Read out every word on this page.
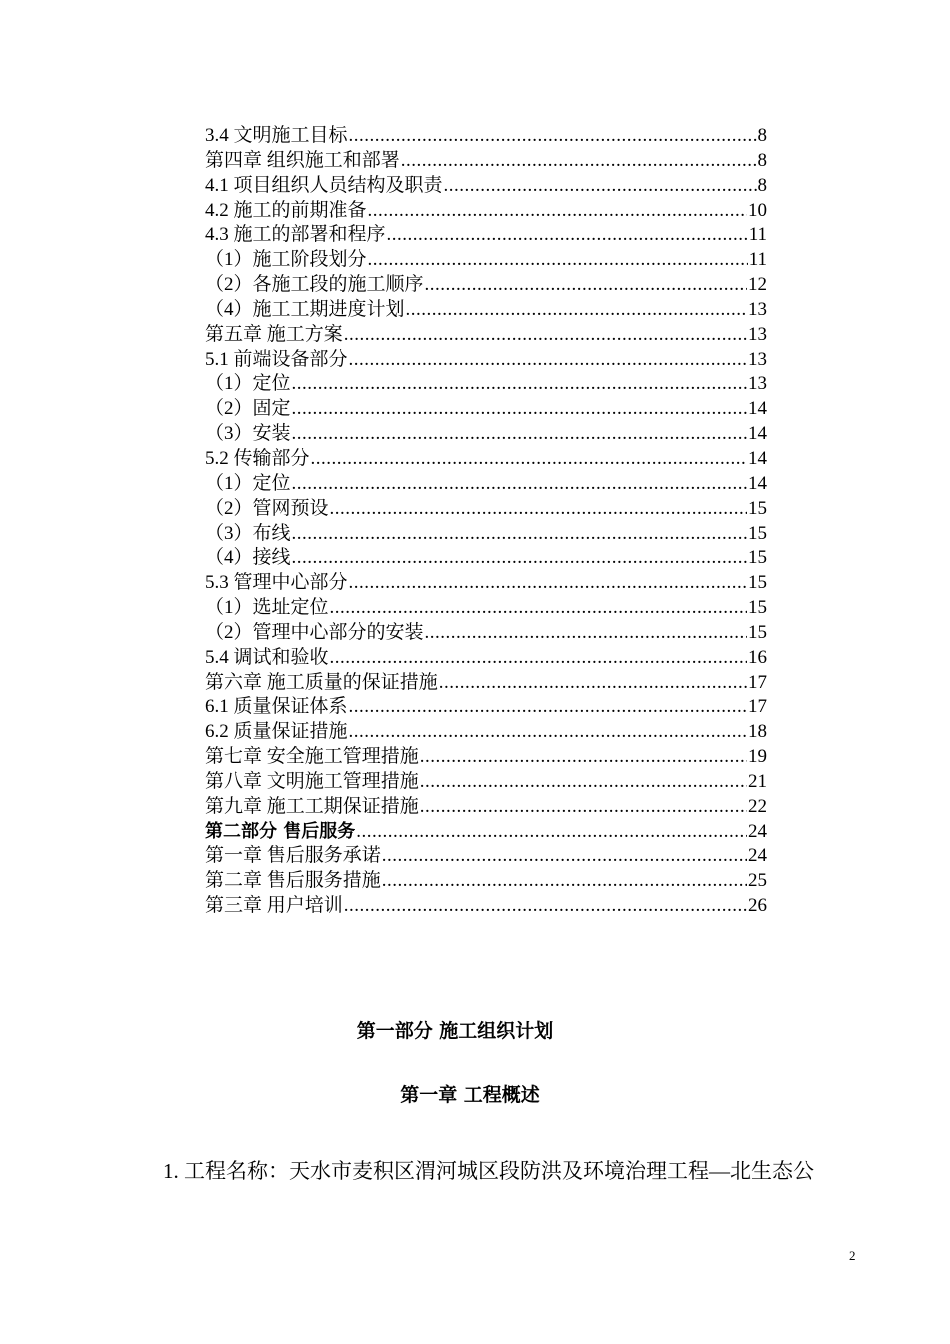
3.4 文明施工目标 .....	8
第四章 组织施工和部署 .....	8
4.1 项目组织人员结构及职责 .....	8
4.2 施工的前期准备 .....	10
4.3 施工的部署和程序 .....	11
（1）施工阶段划分 .....	11
（2）各施工段的施工顺序 .....	12
（4）施工工期进度计划 .....	13
第五章 施工方案 .....	13
5.1 前端设备部分 .....	13
（1）定位 .....	13
（2）固定 .....	14
（3）安装 .....	14
5.2 传输部分 .....	14
（1）定位 .....	14
（2）管网预设 .....	15
（3）布线 .....	15
（4）接线 .....	15
5.3 管理中心部分 .....	15
（1）选址定位 .....	15
（2）管理中心部分的安装 .....	15
5.4 调试和验收 .....	16
第六章 施工质量的保证措施 .....	17
6.1 质量保证体系 .....	17
6.2 质量保证措施 .....	18
第七章 安全施工管理措施 .....	19
第八章 文明施工管理措施 .....	21
第九章 施工工期保证措施 .....	22
第二部分 售后服务 .....	24
第一章 售后服务承诺 .....	24
第二章 售后服务措施 .....	25
第三章 用户培训 .....	26
第一部分 施工组织计划
第一章 工程概述
1. 工程名称：天水市麦积区渭河城区段防洪及环境治理工程—北生态公
2
